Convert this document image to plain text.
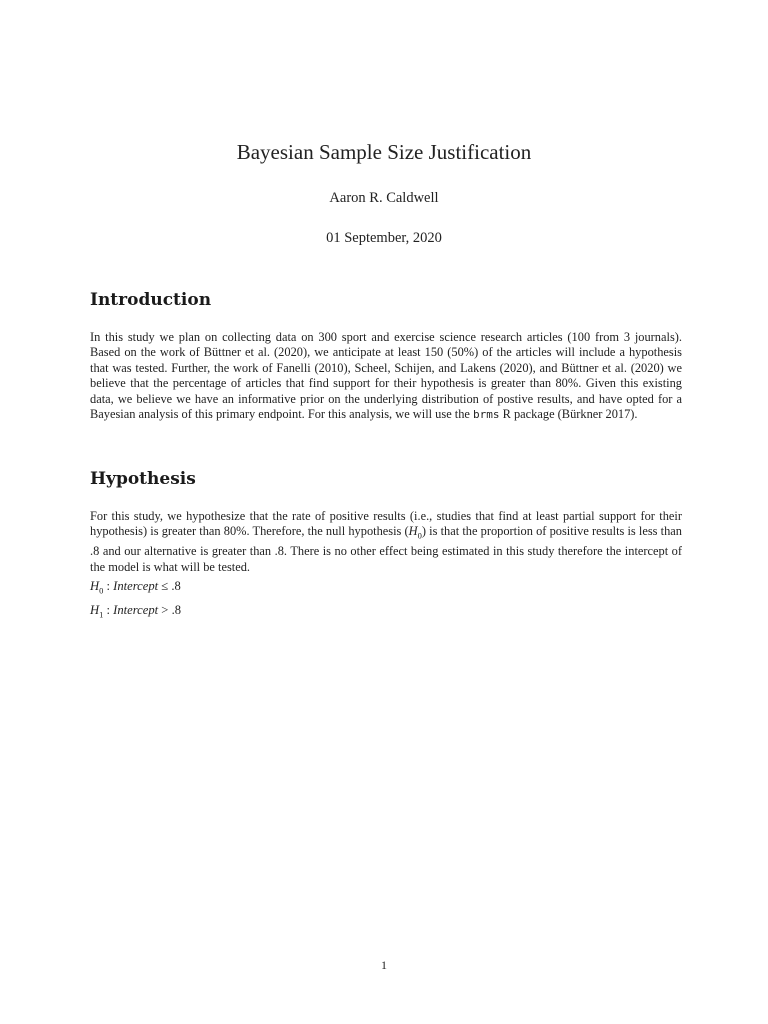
Bayesian Sample Size Justification
Aaron R. Caldwell
01 September, 2020
Introduction

In this study we plan on collecting data on 300 sport and exercise science research articles (100 from 3 journals). Based on the work of Büttner et al. (2020), we anticipate at least 150 (50%) of the articles will include a hypothesis that was tested. Further, the work of Fanelli (2010), Scheel, Schijen, and Lakens (2020), and Büttner et al. (2020) we believe that the percentage of articles that find support for their hypothesis is greater than 80%. Given this existing data, we believe we have an informative prior on the underlying distribution of postive results, and have opted for a Bayesian analysis of this primary endpoint. For this analysis, we will use the brms R package (Bürkner 2017).

Hypothesis

For this study, we hypothesize that the rate of positive results (i.e., studies that find at least partial support for their hypothesis) is greater than 80%. Therefore, the null hypothesis $(H_0)$ is that the proportion of positive results is less than .8 and our alternative is greater than .8. There is no other effect being estimated in this study therefore the intercept of the model is what will be tested.

$H_0$ : Intercept ≤ .8
$H_1$ : Intercept > .8
1
